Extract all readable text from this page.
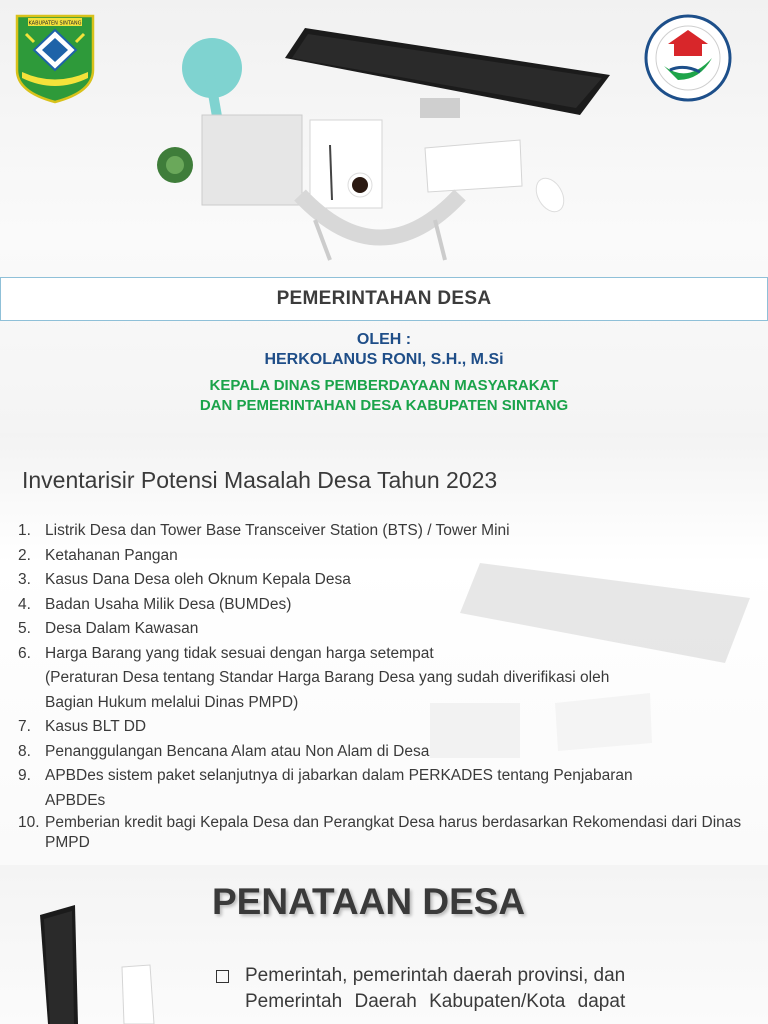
KABUPATEN SINTANG
PEMERINTAHAN DESA
OLEH :
HERKOLANUS RONI, S.H., M.Si
KEPALA DINAS PEMBERDAYAAN MASYARAKAT
DAN PEMERINTAHAN DESA KABUPATEN SINTANG
Inventarisir Potensi Masalah Desa Tahun 2023
1. Listrik Desa dan Tower Base Transceiver Station (BTS) / Tower Mini
2. Ketahanan Pangan
3. Kasus Dana Desa oleh Oknum Kepala Desa
4. Badan Usaha Milik Desa (BUMDes)
5. Desa Dalam Kawasan
6. Harga Barang yang tidak sesuai dengan harga setempat
(Peraturan Desa tentang Standar Harga Barang Desa yang sudah diverifikasi oleh
Bagian Hukum melalui Dinas PMPD)
7. Kasus BLT DD
8. Penanggulangan Bencana Alam atau Non Alam di Desa
9. APBDes sistem paket selanjutnya di jabarkan dalam PERKADES tentang Penjabaran
APBDEs
10. Pemberian kredit bagi Kepala Desa dan Perangkat Desa harus berdasarkan Rekomendasi dari Dinas PMPD
PENATAAN DESA
Pemerintah, pemerintah daerah provinsi, dan
Pemerintah Daerah Kabupaten/Kota dapat
